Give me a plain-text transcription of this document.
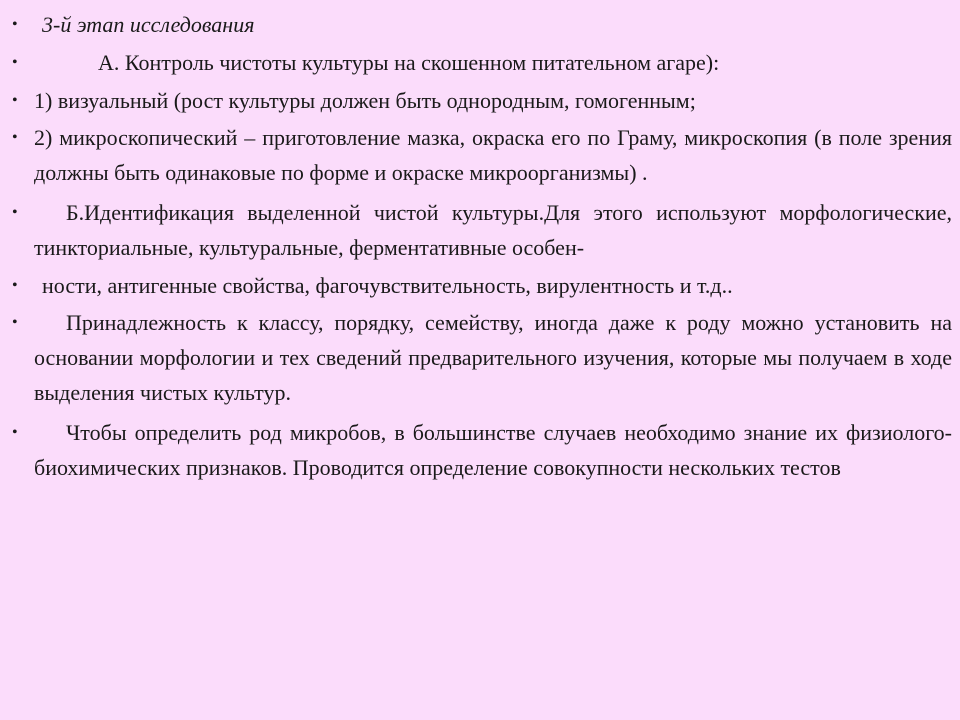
•	3-й этап исследования
•	А. Контроль чистоты культуры на скошенном питательном агаре):
• 1) визуальный (рост культуры должен быть однородным, гомогенным;
• 2) микроскопический – приготовление мазка, окраска его по Граму, микроскопия (в поле зрения должны быть одинаковые по форме и окраске микроорганизмы) .
•	Б.Идентификация выделенной чистой культуры.Для этого используют морфологические, тинкториальные, культуральные, ферментативные особен-
•	ности, антигенные свойства, фагочувствительность, вирулентность и т.д..
•	Принадлежность к классу, порядку, семейству, иногда даже к роду можно установить на основании морфологии и тех сведений предварительного изучения, которые мы получаем в ходе выделения чистых культур.
•	Чтобы определить род микробов, в большинстве случаев необходимо знание их физиолого-биохимических признаков. Проводится определение совокупности нескольких тестов
